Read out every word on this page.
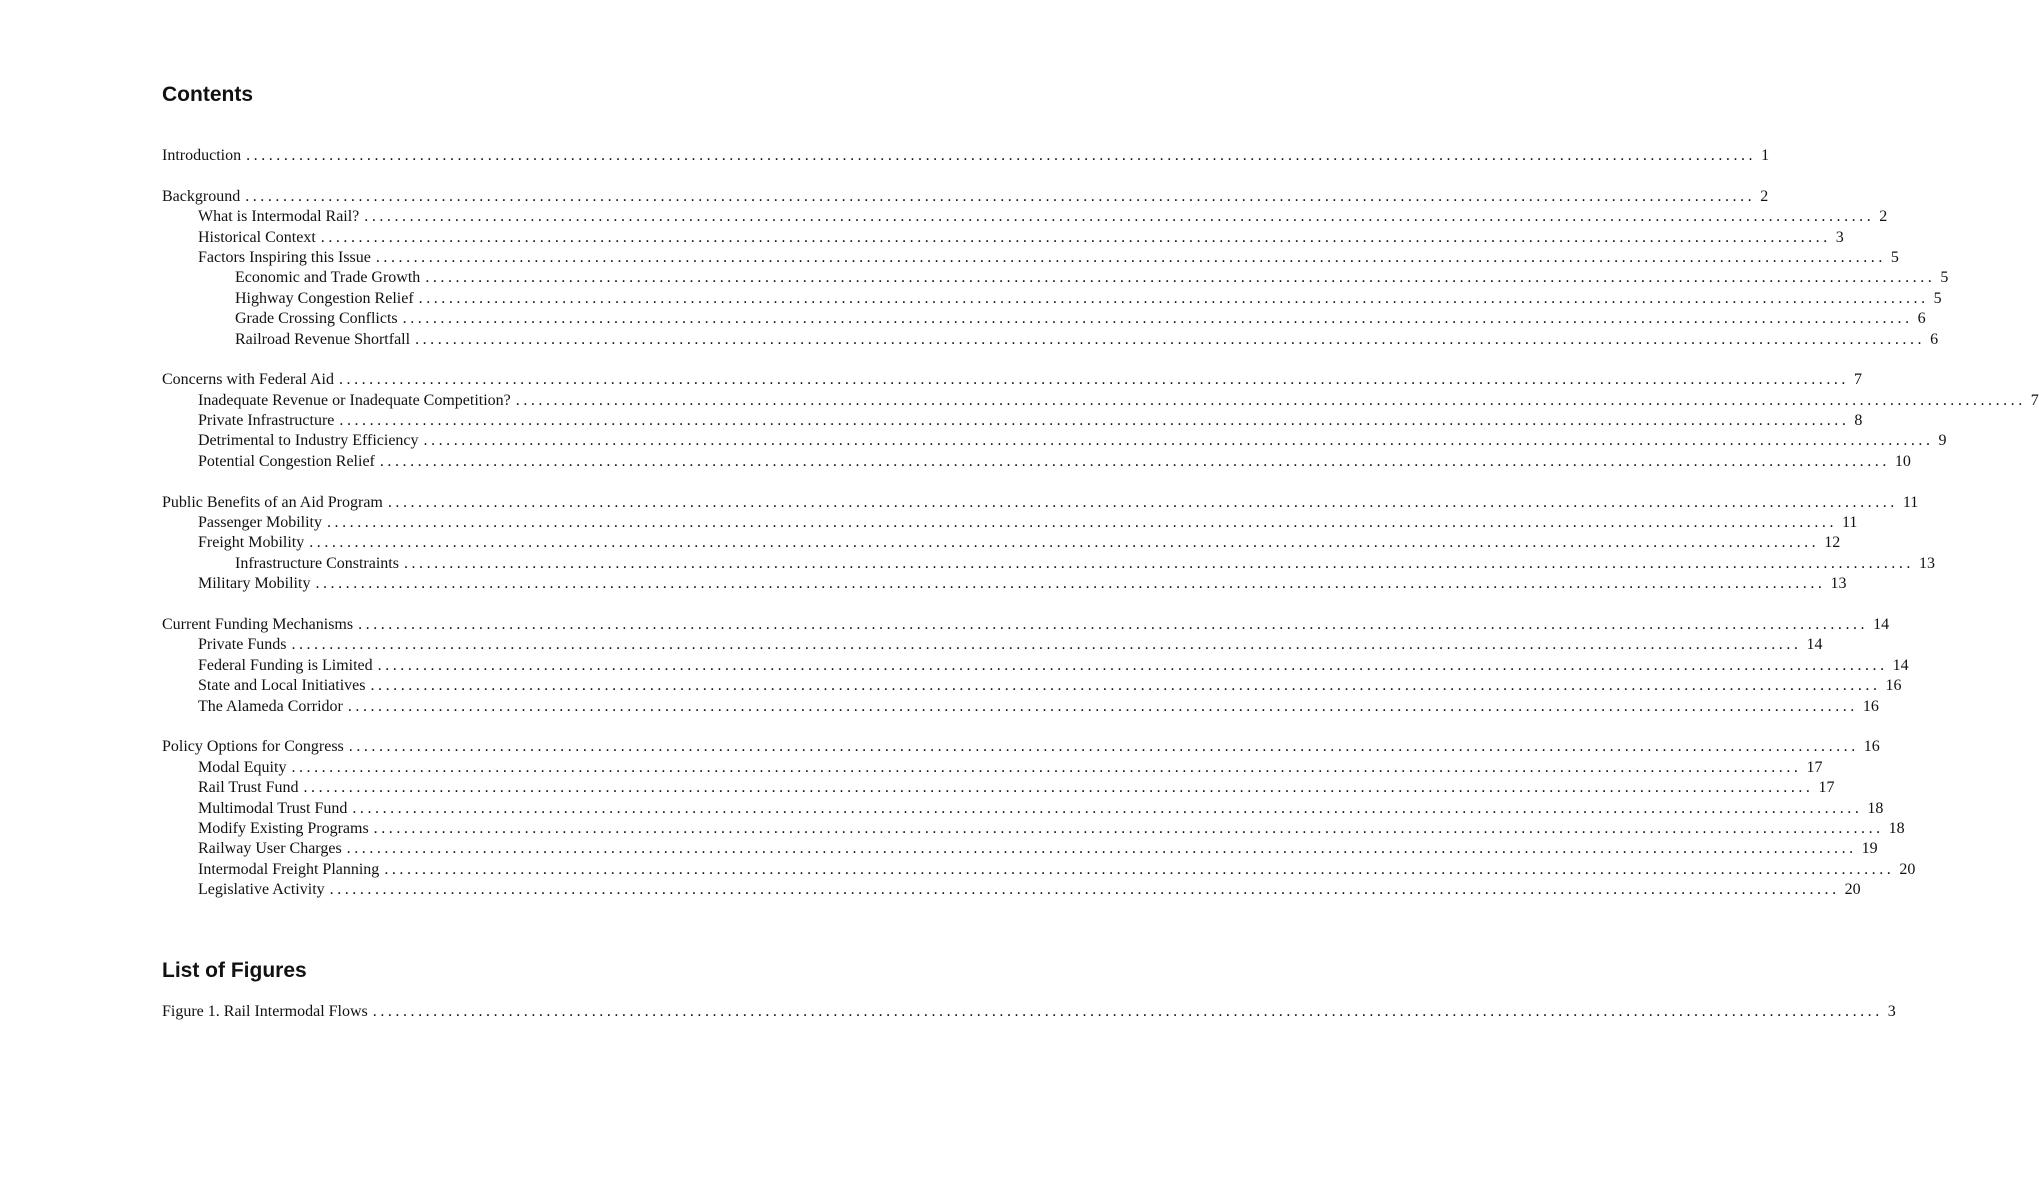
Contents
Introduction ........................................................................................................................................................................................................ 1
Background ........................................................................................................................................................................................................ 2
What is Intermodal Rail? ........................................................................................................................................................................................................ 2
Historical Context ........................................................................................................................................................................................................ 3
Factors Inspiring this Issue ........................................................................................................................................................................................................ 5
Economic and Trade Growth ........................................................................................................................................................................................................ 5
Highway Congestion Relief ........................................................................................................................................................................................................ 5
Grade Crossing Conflicts ........................................................................................................................................................................................................ 6
Railroad Revenue Shortfall ........................................................................................................................................................................................................ 6
Concerns with Federal Aid ........................................................................................................................................................................................................ 7
Inadequate Revenue or Inadequate Competition? ........................................................................................................................................................................................................ 7
Private Infrastructure ........................................................................................................................................................................................................ 8
Detrimental to Industry Efficiency ........................................................................................................................................................................................................ 9
Potential Congestion Relief ........................................................................................................................................................................................................ 10
Public Benefits of an Aid Program ........................................................................................................................................................................................................ 11
Passenger Mobility ........................................................................................................................................................................................................ 11
Freight Mobility ........................................................................................................................................................................................................ 12
Infrastructure Constraints ........................................................................................................................................................................................................ 13
Military Mobility ........................................................................................................................................................................................................ 13
Current Funding Mechanisms ........................................................................................................................................................................................................ 14
Private Funds ........................................................................................................................................................................................................ 14
Federal Funding is Limited ........................................................................................................................................................................................................ 14
State and Local Initiatives ........................................................................................................................................................................................................ 16
The Alameda Corridor ........................................................................................................................................................................................................ 16
Policy Options for Congress ........................................................................................................................................................................................................ 16
Modal Equity ........................................................................................................................................................................................................ 17
Rail Trust Fund ........................................................................................................................................................................................................ 17
Multimodal Trust Fund ........................................................................................................................................................................................................ 18
Modify Existing Programs ........................................................................................................................................................................................................ 18
Railway User Charges ........................................................................................................................................................................................................ 19
Intermodal Freight Planning ........................................................................................................................................................................................................ 20
Legislative Activity ........................................................................................................................................................................................................ 20
List of Figures
Figure 1. Rail Intermodal Flows ........................................................................................................................................................................................................ 3
